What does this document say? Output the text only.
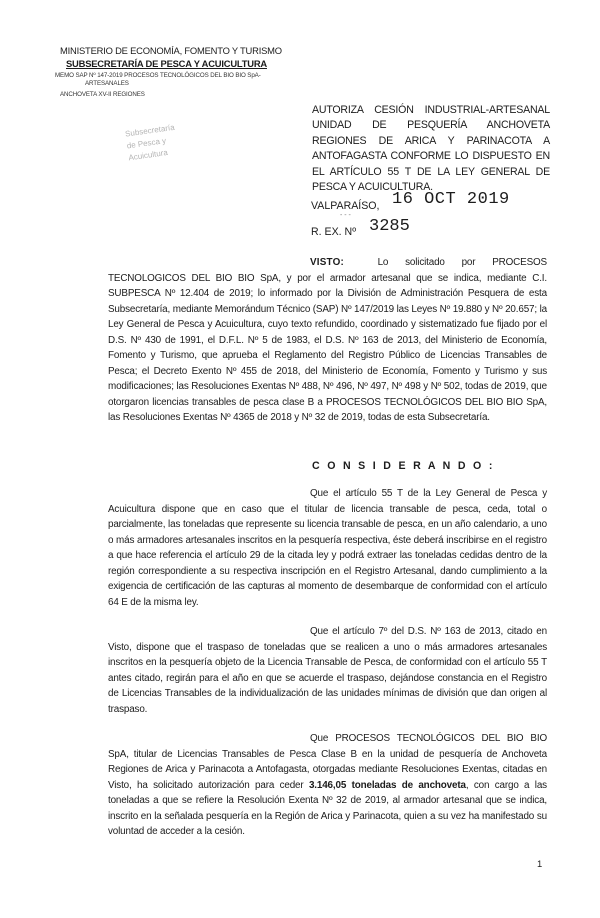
MINISTERIO DE ECONOMÍA, FOMENTO Y TURISMO
SUBSECRETARÍA DE PESCA Y ACUICULTURA
MEMO SAP Nº 147-2019 PROCESOS TECNOLÓGICOS DEL BIO BIO SpA-
ARTESANALES
ANCHOVETA XV-II REGIONES
Subsecretaría
de Pesca y
Acuicultura
AUTORIZA CESIÓN INDUSTRIAL-ARTESANAL UNIDAD DE PESQUERÍA ANCHOVETA REGIONES DE ARICA Y PARINACOTA A ANTOFAGASTA CONFORME LO DISPUESTO EN EL ARTÍCULO 55 T DE LA LEY GENERAL DE PESCA Y ACUICULTURA.
VALPARAÍSO, 16 OCT 2019
- - -
R. EX. Nº 3285

VISTO:	Lo solicitado por PROCESOS TECNOLOGICOS DEL BIO BIO SpA, y por el armador artesanal que se indica, mediante C.I. SUBPESCA Nº 12.404 de 2019; lo informado por la División de Administración Pesquera de esta Subsecretaría, mediante Memorándum Técnico (SAP) Nº 147/2019 las Leyes Nº 19.880 y Nº 20.657; la Ley General de Pesca y Acuicultura, cuyo texto refundido, coordinado y sistematizado fue fijado por el D.S. Nº 430 de 1991, el D.F.L. Nº 5 de 1983, el D.S. Nº 163 de 2013, del Ministerio de Economía, Fomento y Turismo, que aprueba el Reglamento del Registro Público de Licencias Transables de Pesca; el Decreto Exento Nº 455 de 2018, del Ministerio de Economía, Fomento y Turismo y sus modificaciones; las Resoluciones Exentas Nº 488, Nº 496, Nº 497, Nº 498 y Nº 502, todas de 2019, que otorgaron licencias transables de pesca clase B a PROCESOS TECNOLÓGICOS DEL BIO BIO SpA, las Resoluciones Exentas Nº 4365 de 2018 y Nº 32 de 2019, todas de esta Subsecretaría.

C O N S I D E R A N D O :

Que el artículo 55 T de la Ley General de Pesca y Acuicultura dispone que en caso que el titular de licencia transable de pesca, ceda, total o parcialmente, las toneladas que represente su licencia transable de pesca, en un año calendario, a uno o más armadores artesanales inscritos en la pesquería respectiva, éste deberá inscribirse en el registro a que hace referencia el artículo 29 de la citada ley y podrá extraer las toneladas cedidas dentro de la región correspondiente a su respectiva inscripción en el Registro Artesanal, dando cumplimiento a la exigencia de certificación de las capturas al momento de desembarque de conformidad con el artículo 64 E de la misma ley.

Que el artículo 7º del D.S. Nº 163 de 2013, citado en Visto, dispone que el traspaso de toneladas que se realicen a uno o más armadores artesanales inscritos en la pesquería objeto de la Licencia Transable de Pesca, de conformidad con el artículo 55 T antes citado, regirán para el año en que se acuerde el traspaso, dejándose constancia en el Registro de Licencias Transables de la individualización de las unidades mínimas de división que dan origen al traspaso.

Que PROCESOS TECNOLÓGICOS DEL BIO BIO SpA, titular de Licencias Transables de Pesca Clase B en la unidad de pesquería de Anchoveta Regiones de Arica y Parinacota a Antofagasta, otorgadas mediante Resoluciones Exentas, citadas en Visto, ha solicitado autorización para ceder 3.146,05 toneladas de anchoveta, con cargo a las toneladas a que se refiere la Resolución Exenta Nº 32 de 2019, al armador artesanal que se indica, inscrito en la señalada pesquería en la Región de Arica y Parinacota, quien a su vez ha manifestado su voluntad de acceder a la cesión.

1
